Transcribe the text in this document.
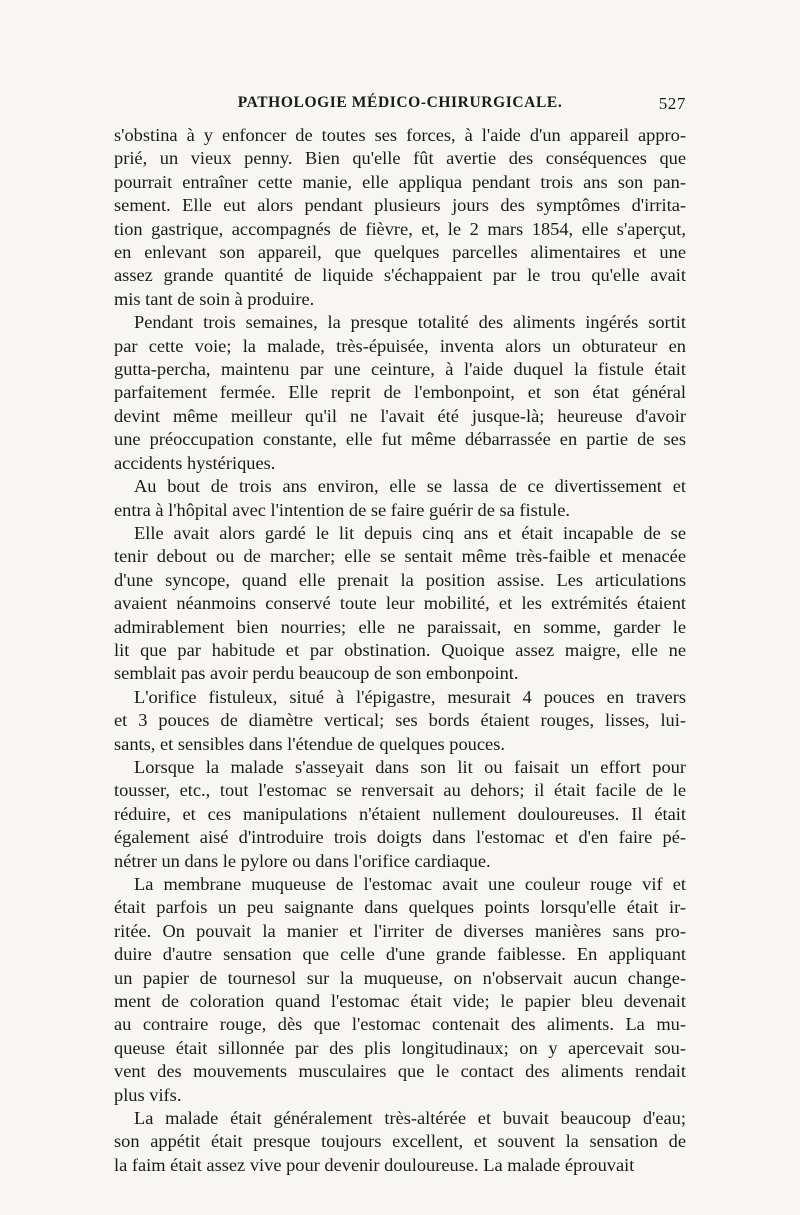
PATHOLOGIE MÉDICO-CHIRURGICALE.	527
s'obstina à y enfoncer de toutes ses forces, à l'aide d'un appareil appro-
prié, un vieux penny. Bien qu'elle fût avertie des conséquences que
pourrait entraîner cette manie, elle appliqua pendant trois ans son pan-
sement. Elle eut alors pendant plusieurs jours des symptômes d'irrita-
tion gastrique, accompagnés de fièvre, et, le 2 mars 1854, elle s'aperçut,
en enlevant son appareil, que quelques parcelles alimentaires et une
assez grande quantité de liquide s'échappaient par le trou qu'elle avait
mis tant de soin à produire.
Pendant trois semaines, la presque totalité des aliments ingérés sortit
par cette voie; la malade, très-épuisée, inventa alors un obturateur en
gutta-percha, maintenu par une ceinture, à l'aide duquel la fistule était
parfaitement fermée. Elle reprit de l'embonpoint, et son état général
devint même meilleur qu'il ne l'avait été jusque-là; heureuse d'avoir
une préoccupation constante, elle fut même débarrassée en partie de ses
accidents hystériques.
Au bout de trois ans environ, elle se lassa de ce divertissement et
entra à l'hôpital avec l'intention de se faire guérir de sa fistule.
Elle avait alors gardé le lit depuis cinq ans et était incapable de se
tenir debout ou de marcher; elle se sentait même très-faible et menacée
d'une syncope, quand elle prenait la position assise. Les articulations
avaient néanmoins conservé toute leur mobilité, et les extrémités étaient
admirablement bien nourries; elle ne paraissait, en somme, garder le
lit que par habitude et par obstination. Quoique assez maigre, elle ne
semblait pas avoir perdu beaucoup de son embonpoint.
L'orifice fistuleux, situé à l'épigastre, mesurait 4 pouces en travers
et 3 pouces de diamètre vertical; ses bords étaient rouges, lisses, lui-
sants, et sensibles dans l'étendue de quelques pouces.
Lorsque la malade s'asseyait dans son lit ou faisait un effort pour
tousser, etc., tout l'estomac se renversait au dehors; il était facile de le
réduire, et ces manipulations n'étaient nullement douloureuses. Il était
également aisé d'introduire trois doigts dans l'estomac et d'en faire pé-
nétrer un dans le pylore ou dans l'orifice cardiaque.
La membrane muqueuse de l'estomac avait une couleur rouge vif et
était parfois un peu saignante dans quelques points lorsqu'elle était ir-
ritée. On pouvait la manier et l'irriter de diverses manières sans pro-
duire d'autre sensation que celle d'une grande faiblesse. En appliquant
un papier de tournesol sur la muqueuse, on n'observait aucun change-
ment de coloration quand l'estomac était vide; le papier bleu devenait
au contraire rouge, dès que l'estomac contenait des aliments. La mu-
queuse était sillonnée par des plis longitudinaux; on y apercevait sou-
vent des mouvements musculaires que le contact des aliments rendait
plus vifs.
La malade était généralement très-altérée et buvait beaucoup d'eau;
son appétit était presque toujours excellent, et souvent la sensation de
la faim était assez vive pour devenir douloureuse. La malade éprouvait
